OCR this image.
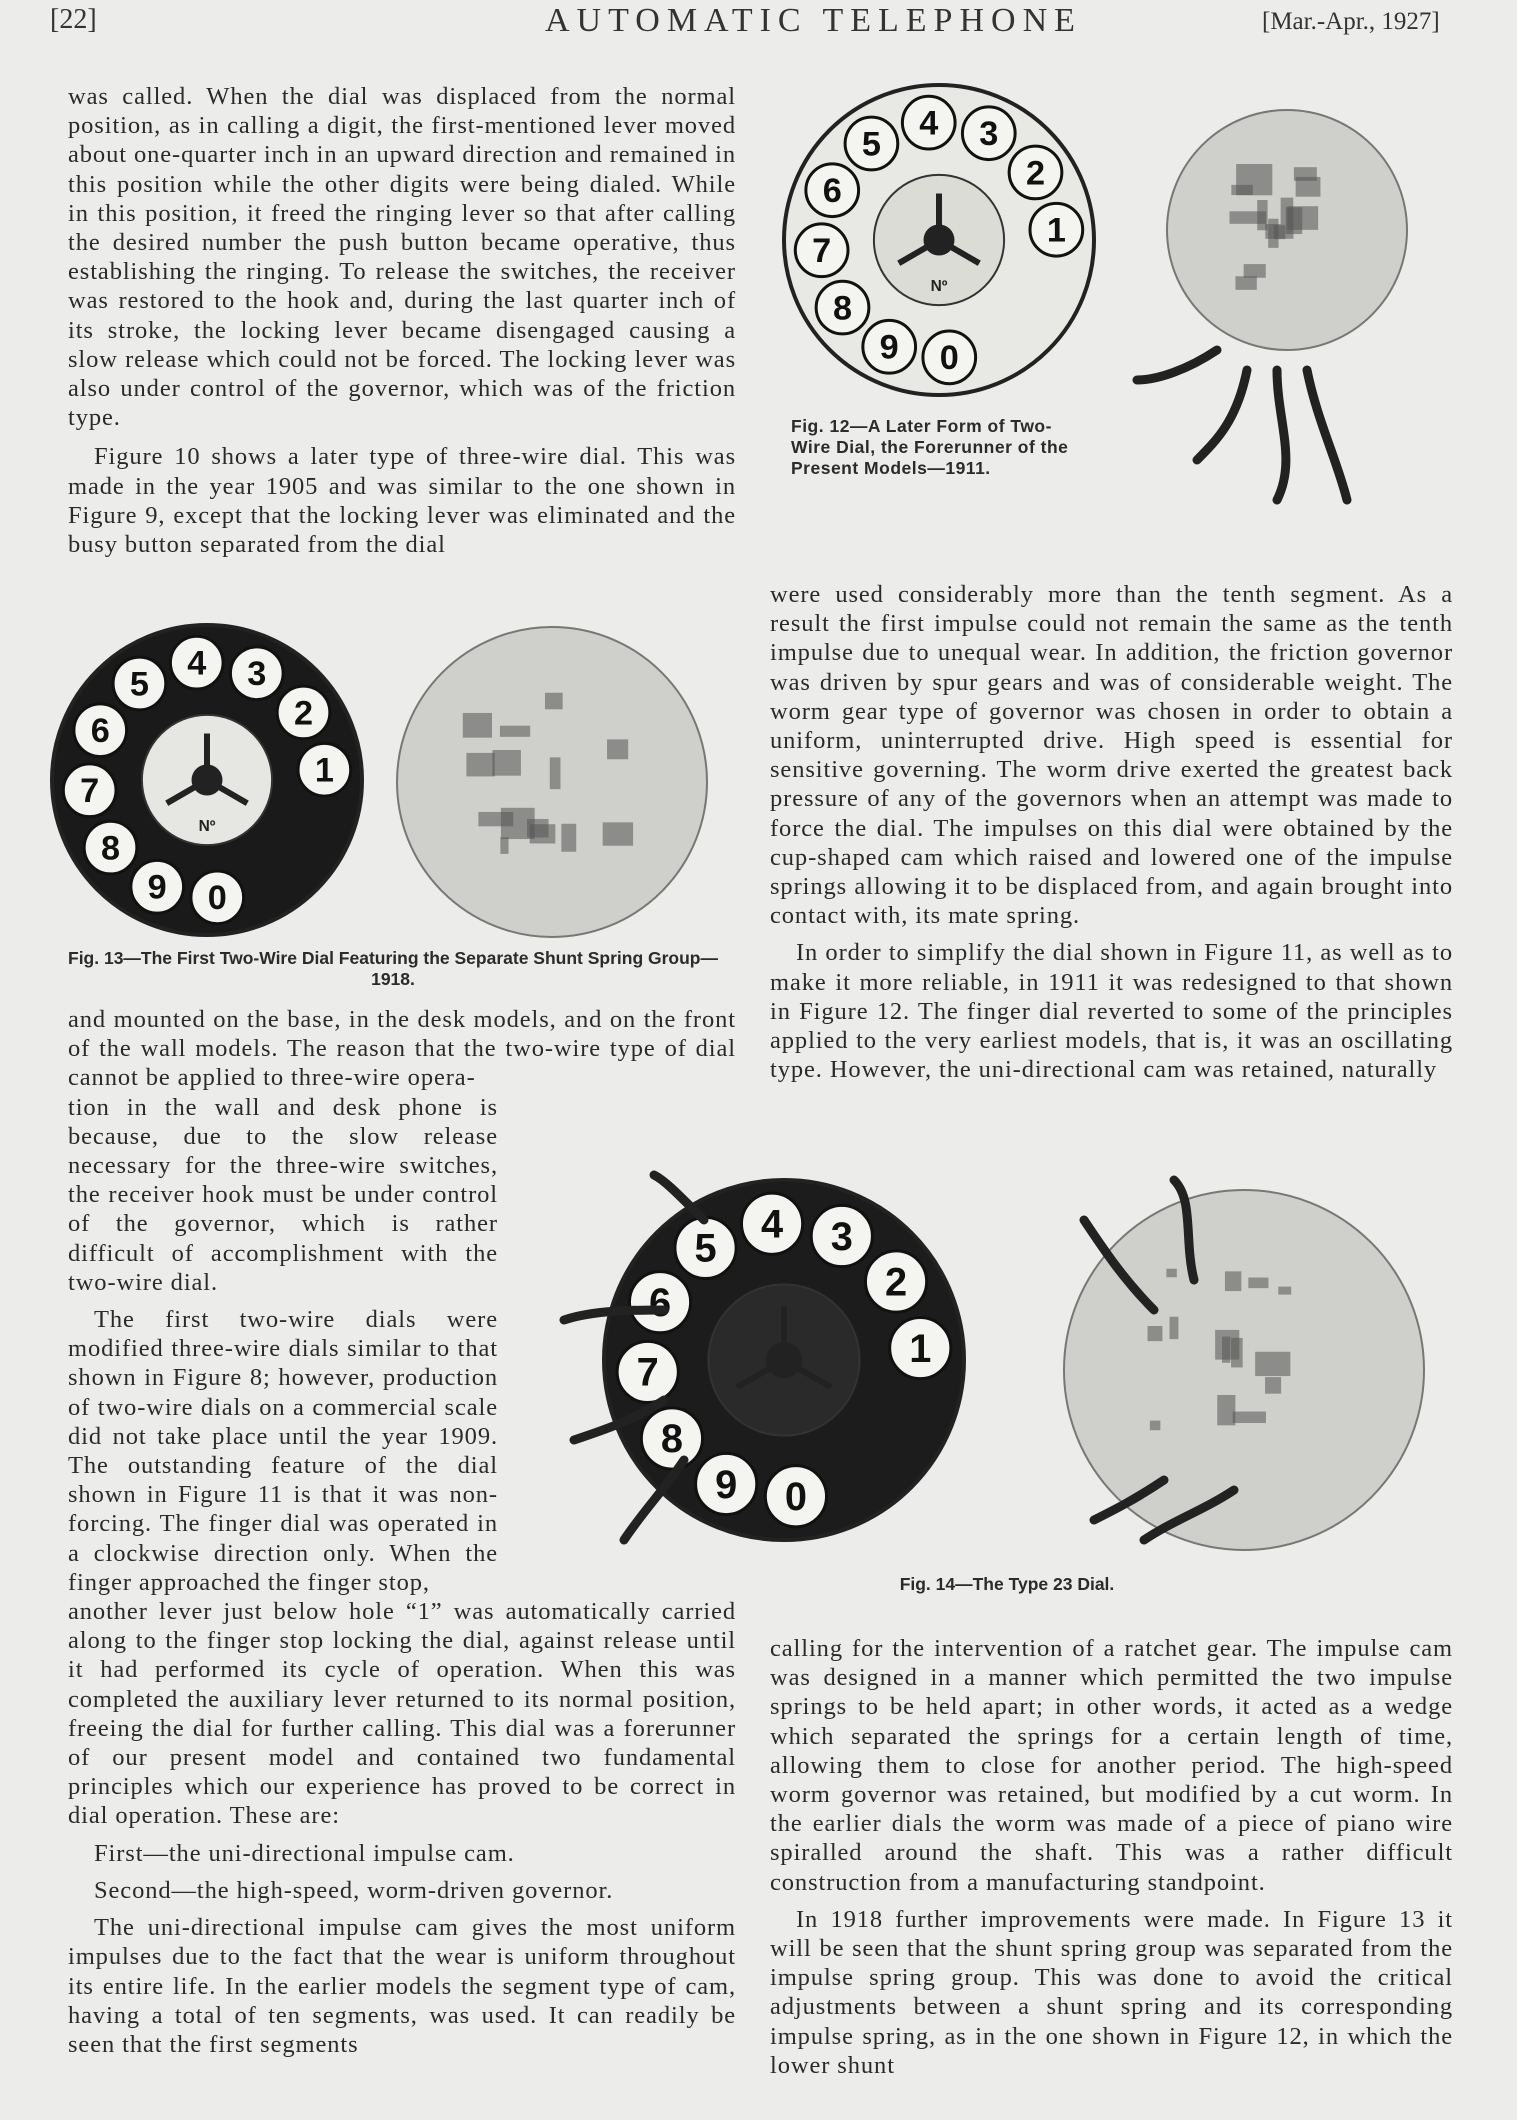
[22]	AUTOMATIC TELEPHONE	[Mar.-Apr., 1927]

was called. When the dial was displaced from the normal position, as in calling a digit, the first-mentioned lever moved about one-quarter inch in an upward direction and remained in this position while the other digits were being dialed. While in this position, it freed the ringing lever so that after calling the desired number the push button became operative, thus establishing the ringing. To release the switches, the receiver was restored to the hook and, during the last quarter inch of its stroke, the locking lever became disengaged causing a slow release which could not be forced. The locking lever was also under control of the governor, which was of the friction type.

Figure 10 shows a later type of three-wire dial. This was made in the year 1905 and was similar to the one shown in Figure 9, except that the locking lever was eliminated and the busy button separated from the dial

1
2
3
4
5
6
7
8
9 0
Nº
Fig. 13—The First Two-Wire Dial Featuring the Separate Shunt Spring Group—1918.

and mounted on the base, in the desk models, and on the front of the wall models. The reason that the two-wire type of dial cannot be applied to three-wire opera-

tion in the wall and desk phone is because, due to the slow release necessary for the three-wire switches, the receiver hook must be under control of the governor, which is rather difficult of accomplishment with the two-wire dial.

The first two-wire dials were modified three-wire dials similar to that shown in Figure 8; however, production of two-wire dials on a commercial scale did not take place until the year 1909. The outstanding feature of the dial shown in Figure 11 is that it was non-forcing. The finger dial was operated in a clockwise direction only. When the finger approached the finger stop,

another lever just below hole “1” was automatically carried along to the finger stop locking the dial, against release until it had performed its cycle of operation. When this was completed the auxiliary lever returned to its normal position, freeing the dial for further calling. This dial was a forerunner of our present model and contained two fundamental principles which our experience has proved to be correct in dial operation. These are:

First—the uni-directional impulse cam.

Second—the high-speed, worm-driven governor.

The uni-directional impulse cam gives the most uniform impulses due to the fact that the wear is uniform throughout its entire life. In the earlier models the segment type of cam, having a total of ten segments, was used. It can readily be seen that the first segments

1
2
3
4
5
6
7
8
9 0
Nº
Fig. 12—A Later Form of Two-Wire Dial, the Forerunner of the Present Models—1911.

were used considerably more than the tenth segment. As a result the first impulse could not remain the same as the tenth impulse due to unequal wear. In addition, the friction governor was driven by spur gears and was of considerable weight. The worm gear type of governor was chosen in order to obtain a uniform, uninterrupted drive. High speed is essential for sensitive governing. The worm drive exerted the greatest back pressure of any of the governors when an attempt was made to force the dial. The impulses on this dial were obtained by the cup-shaped cam which raised and lowered one of the impulse springs allowing it to be displaced from, and again brought into contact with, its mate spring.

In order to simplify the dial shown in Figure 11, as well as to make it more reliable, in 1911 it was redesigned to that shown in Figure 12. The finger dial reverted to some of the principles applied to the very earliest models, that is, it was an oscillating type. However, the uni-directional cam was retained, naturally

1
2
3
4
5
6
7
8
9 0
Fig. 14—The Type 23 Dial.

calling for the intervention of a ratchet gear. The impulse cam was designed in a manner which permitted the two impulse springs to be held apart; in other words, it acted as a wedge which separated the springs for a certain length of time, allowing them to close for another period. The high-speed worm governor was retained, but modified by a cut worm. In the earlier dials the worm was made of a piece of piano wire spiralled around the shaft. This was a rather difficult construction from a manufacturing standpoint.

In 1918 further improvements were made. In Figure 13 it will be seen that the shunt spring group was separated from the impulse spring group. This was done to avoid the critical adjustments between a shunt spring and its corresponding impulse spring, as in the one shown in Figure 12, in which the lower shunt
